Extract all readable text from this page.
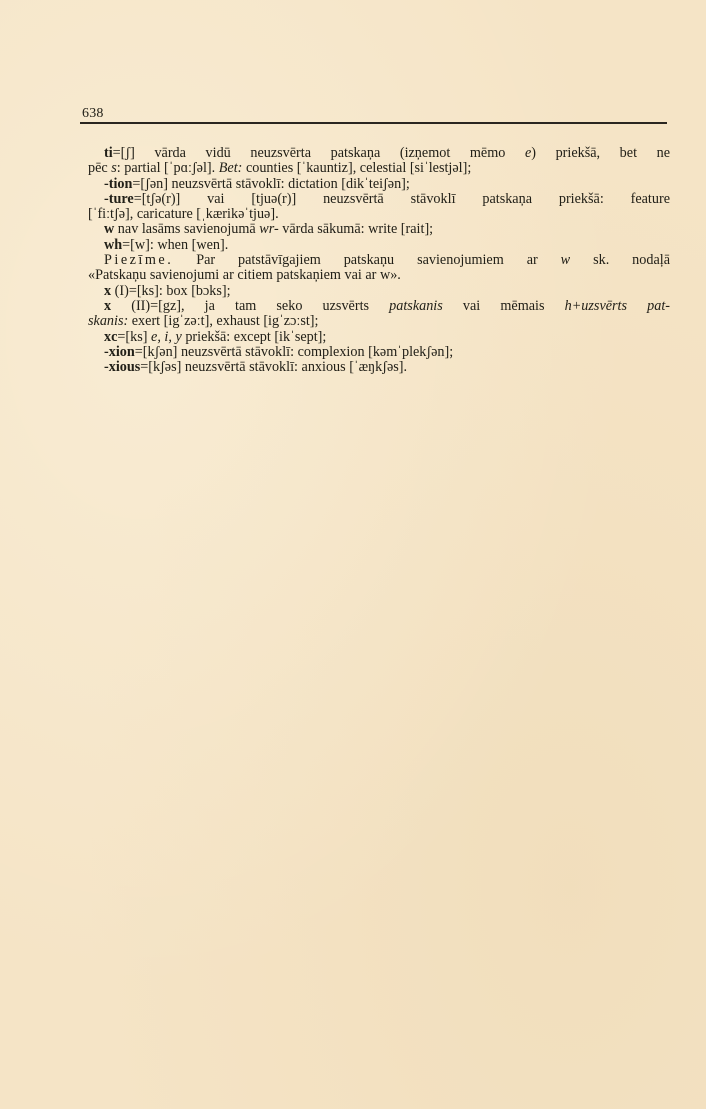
638
ti=[ʃ] vārda vidū neuzsvērta patskaņa (izņemot mēmo e) priekšā, bet ne
pēc s: partial [ˈpɑːʃəl]. Bet: counties [ˈkauntiz], celestial [siˈlestjəl];
-tion=[ʃən] neuzsvērtā stāvoklī: dictation [dikˈteiʃən];
-ture=[tʃə(r)] vai [tjuə(r)] neuzsvērtā stāvoklī patskaņa priekšā: feature
[ˈfiːtʃə], caricature [ˌkærikəˈtjuə].
w nav lasāms savienojumā wr- vārda sākumā: write [rait];
wh=[w]: when [wen].
Piezīme. Par patstāvīgajiem patskaņu savienojumiem ar w sk. nodaļā
«Patskaņu savienojumi ar citiem patskaņiem vai ar w».
x (I)=[ks]: box [bɔks];
x (II)=[gz], ja tam seko uzsvērts patskanis vai mēmais h+uzsvērts pat-
skanis: exert [igˈzəːt], exhaust [igˈzɔːst];
xc=[ks] e, i, y priekšā: except [ikˈsept];
-xion=[kʃən] neuzsvērtā stāvoklī: complexion [kəmˈplekʃən];
-xious=[kʃəs] neuzsvērtā stāvoklī: anxious [ˈæŋkʃəs].
